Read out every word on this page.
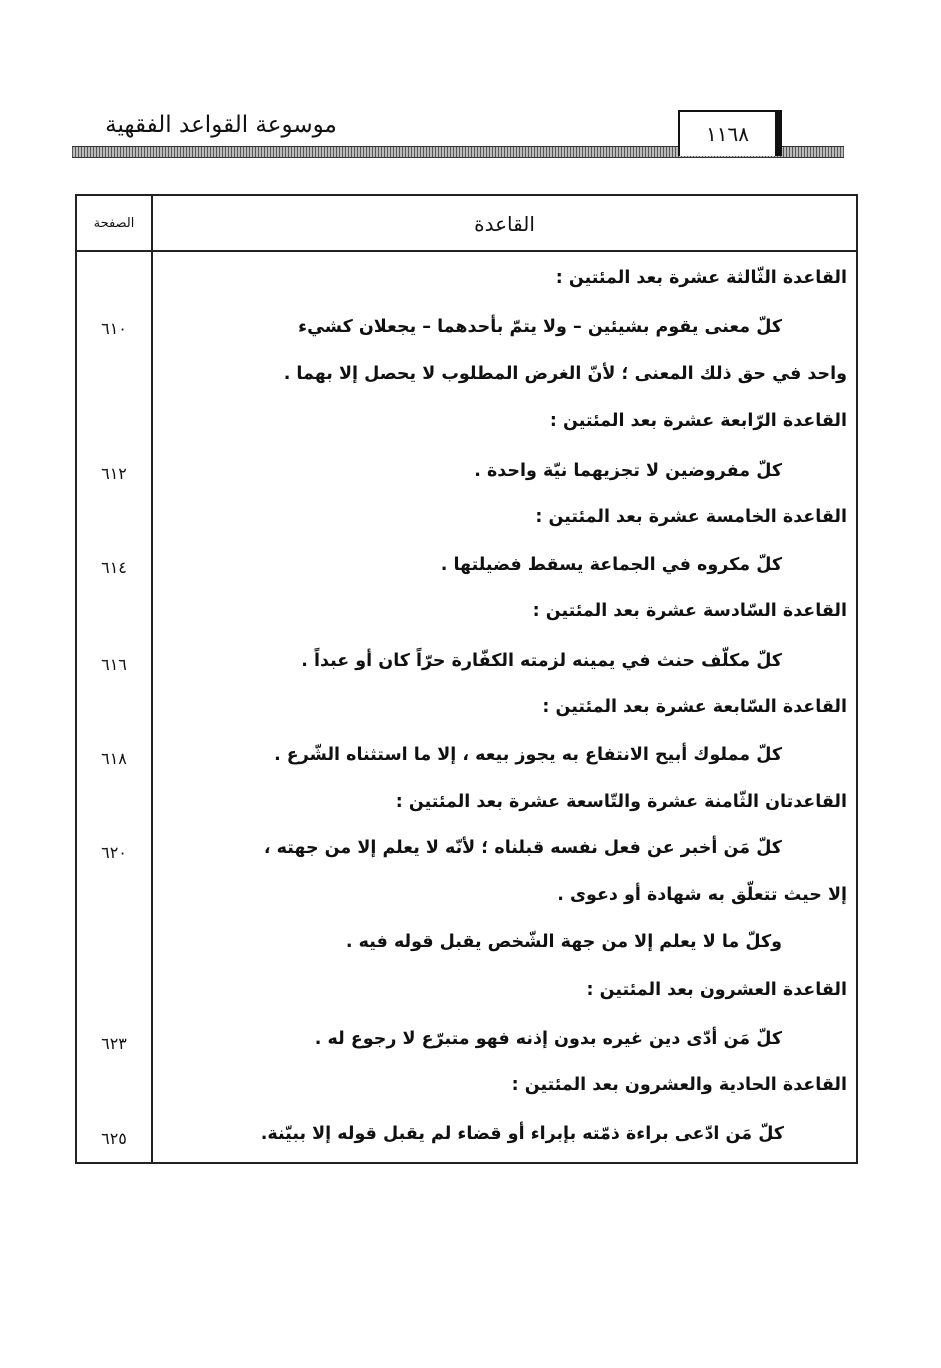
موسوعة القواعد الفقهية	١١٦٨
القاعدة
الصفحة
القاعدة الثّالثة عشرة بعد المئتين :
كلّ معنى يقوم بشيئين – ولا يتمّ بأحدهما – يجعلان كشيء
٦١٠
واحد في حق ذلك المعنى ؛ لأنّ الغرض المطلوب لا يحصل إلا بهما .
القاعدة الرّابعة عشرة بعد المئتين :
كلّ مفروضين لا تجزيهما نيّة واحدة .
٦١٢
القاعدة الخامسة عشرة بعد المئتين :
كلّ مكروه في الجماعة يسقط فضيلتها .
٦١٤
القاعدة السّادسة عشرة بعد المئتين :
كلّ مكلّف حنث في يمينه لزمته الكفّارة حرّاً كان أو عبداً .
٦١٦
القاعدة السّابعة عشرة بعد المئتين :
كلّ مملوك أبيح الانتفاع به يجوز بيعه ، إلا ما استثناه الشّرع .
٦١٨
القاعدتان الثّامنة عشرة والتّاسعة عشرة بعد المئتين :
كلّ مَن أخبر عن فعل نفسه قبلناه ؛ لأنّه لا يعلم إلا من جهته ،
٦٢٠
إلا حيث تتعلّق به شهادة أو دعوى .
وكلّ ما لا يعلم إلا من جهة الشّخص يقبل قوله فيه .
القاعدة العشرون بعد المئتين :
كلّ مَن أدّى دين غيره بدون إذنه فهو متبرّع لا رجوع له .
٦٢٣
القاعدة الحادية والعشرون بعد المئتين :
كلّ مَن ادّعى براءة ذمّته بإبراء أو قضاء لم يقبل قوله إلا ببيّنة.
٦٢٥
